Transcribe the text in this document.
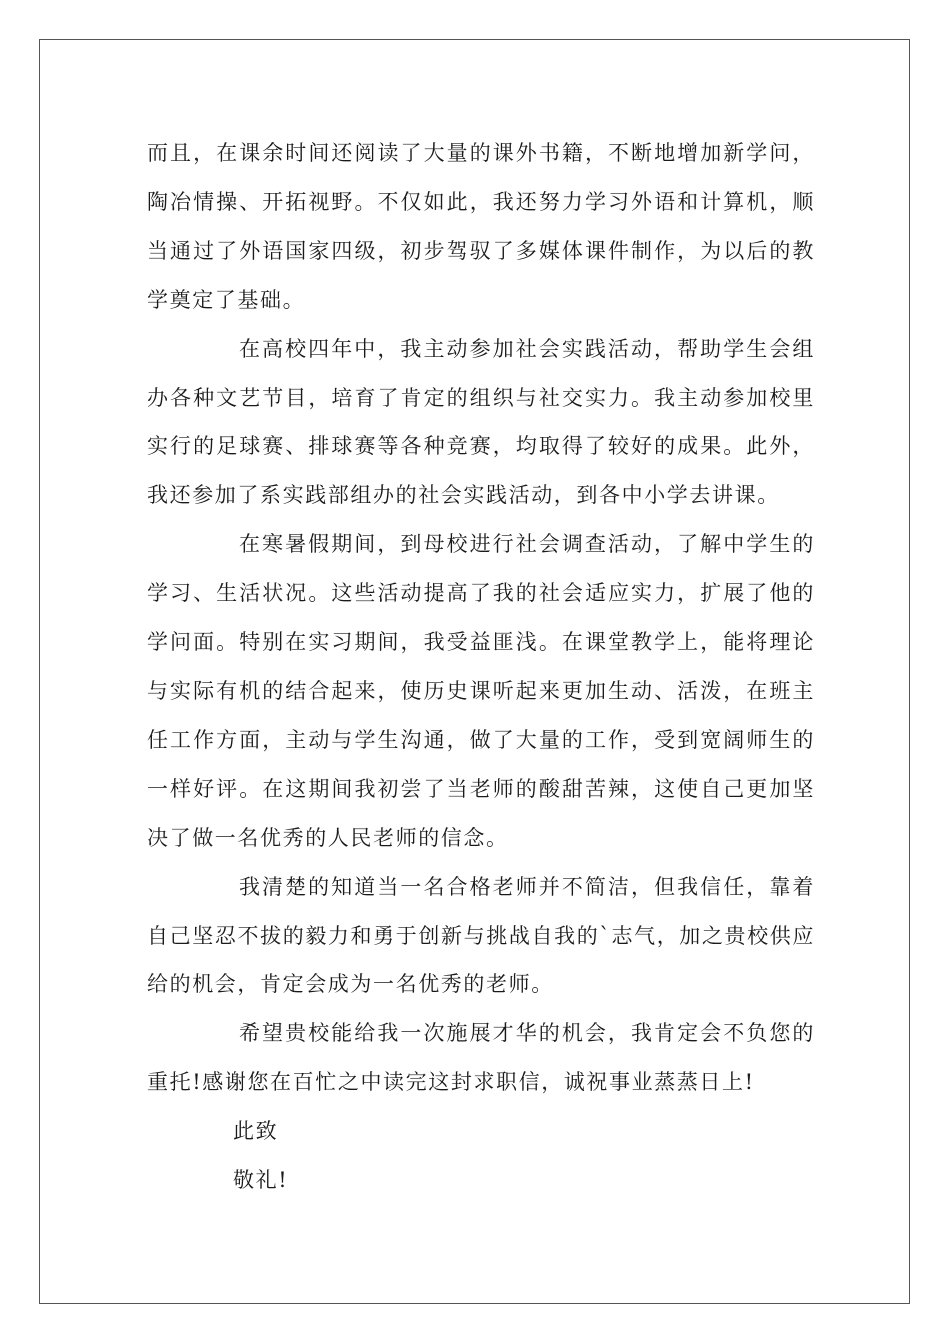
而且，在课余时间还阅读了大量的课外书籍，不断地增加新学问，陶冶情操、开拓视野。不仅如此，我还努力学习外语和计算机，顺当通过了外语国家四级，初步驾驭了多媒体课件制作，为以后的教学奠定了基础。

在高校四年中，我主动参加社会实践活动，帮助学生会组办各种文艺节目，培育了肯定的组织与社交实力。我主动参加校里实行的足球赛、排球赛等各种竞赛，均取得了较好的成果。此外，我还参加了系实践部组办的社会实践活动，到各中小学去讲课。

在寒暑假期间，到母校进行社会调查活动，了解中学生的学习、生活状况。这些活动提高了我的社会适应实力，扩展了他的学问面。特别在实习期间，我受益匪浅。在课堂教学上，能将理论与实际有机的结合起来，使历史课听起来更加生动、活泼，在班主任工作方面，主动与学生沟通，做了大量的工作，受到宽阔师生的一样好评。在这期间我初尝了当老师的酸甜苦辣，这使自己更加坚决了做一名优秀的人民老师的信念。

我清楚的知道当一名合格老师并不简洁，但我信任，靠着自己坚忍不拔的毅力和勇于创新与挑战自我的`志气，加之贵校供应给的机会，肯定会成为一名优秀的老师。

希望贵校能给我一次施展才华的机会，我肯定会不负您的重托!感谢您在百忙之中读完这封求职信，诚祝事业蒸蒸日上!

此致

敬礼!
